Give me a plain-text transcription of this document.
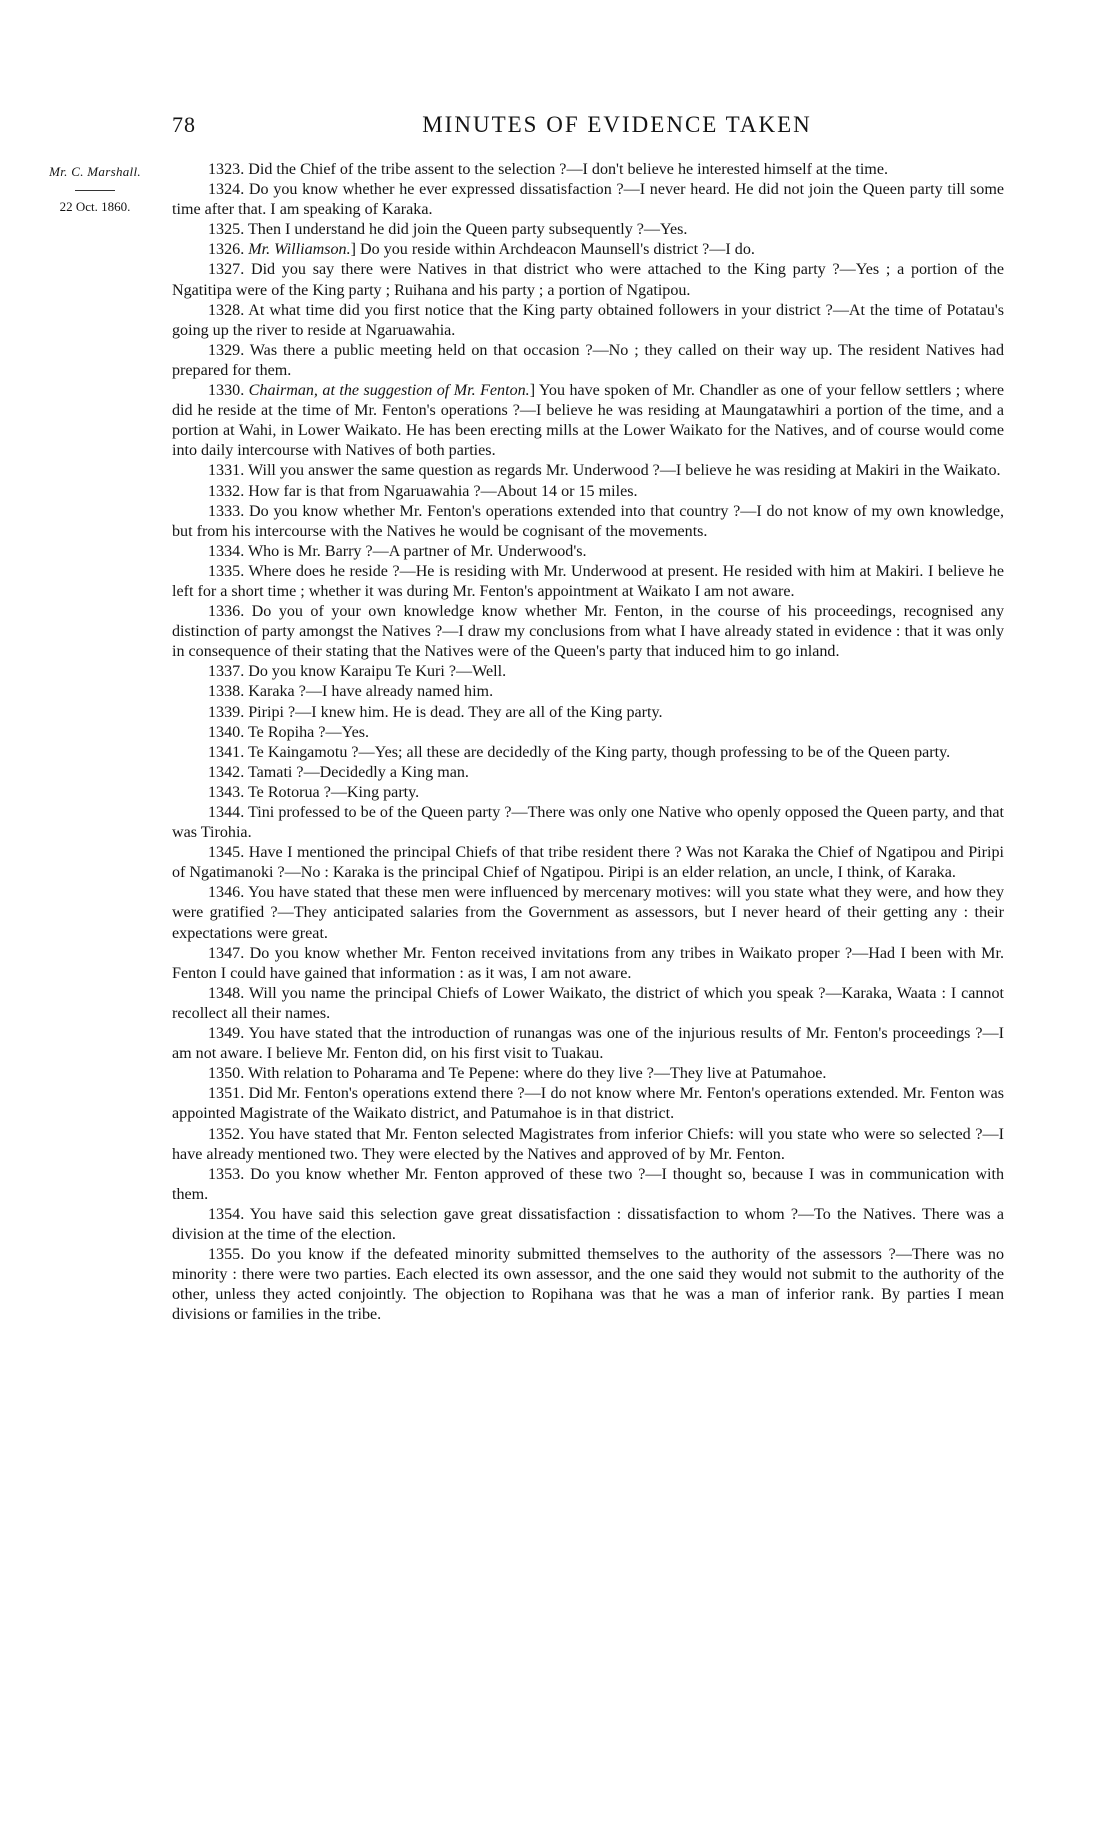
78	MINUTES OF EVIDENCE TAKEN
Mr. C. Marshall.
22 Oct. 1860.

1323. Did the Chief of the tribe assent to the selection ?—I don't believe he interested himself at the time.

1324. Do you know whether he ever expressed dissatisfaction ?—I never heard. He did not join the Queen party till some time after that. I am speaking of Karaka.

1325. Then I understand he did join the Queen party subsequently ?—Yes.

1326. Mr. Williamson.] Do you reside within Archdeacon Maunsell's district ?—I do.

1327. Did you say there were Natives in that district who were attached to the King party ?—Yes ; a portion of the Ngatitipa were of the King party ; Ruihana and his party ; a portion of Ngatipou.

1328. At what time did you first notice that the King party obtained followers in your district ?—At the time of Potatau's going up the river to reside at Ngaruawahia.

1329. Was there a public meeting held on that occasion ?—No ; they called on their way up. The resident Natives had prepared for them.

1330. Chairman, at the suggestion of Mr. Fenton.] You have spoken of Mr. Chandler as one of your fellow settlers ; where did he reside at the time of Mr. Fenton's operations ?—I believe he was residing at Maungatawhiri a portion of the time, and a portion at Wahi, in Lower Waikato. He has been erecting mills at the Lower Waikato for the Natives, and of course would come into daily intercourse with Natives of both parties.

1331. Will you answer the same question as regards Mr. Underwood ?—I believe he was residing at Makiri in the Waikato.

1332. How far is that from Ngaruawahia ?—About 14 or 15 miles.

1333. Do you know whether Mr. Fenton's operations extended into that country ?—I do not know of my own knowledge, but from his intercourse with the Natives he would be cognisant of the movements.

1334. Who is Mr. Barry ?—A partner of Mr. Underwood's.

1335. Where does he reside ?—He is residing with Mr. Underwood at present. He resided with him at Makiri. I believe he left for a short time ; whether it was during Mr. Fenton's appointment at Waikato I am not aware.

1336. Do you of your own knowledge know whether Mr. Fenton, in the course of his proceedings, recognised any distinction of party amongst the Natives ?—I draw my conclusions from what I have already stated in evidence : that it was only in consequence of their stating that the Natives were of the Queen's party that induced him to go inland.

1337. Do you know Karaipu Te Kuri ?—Well.

1338. Karaka ?—I have already named him.

1339. Piripi ?—I knew him. He is dead. They are all of the King party.

1340. Te Ropiha ?—Yes.

1341. Te Kaingamotu ?—Yes; all these are decidedly of the King party, though professing to be of the Queen party.

1342. Tamati ?—Decidedly a King man.

1343. Te Rotorua ?—King party.

1344. Tini professed to be of the Queen party ?—There was only one Native who openly opposed the Queen party, and that was Tirohia.

1345. Have I mentioned the principal Chiefs of that tribe resident there ? Was not Karaka the Chief of Ngatipou and Piripi of Ngatimanoki ?—No : Karaka is the principal Chief of Ngatipou. Piripi is an elder relation, an uncle, I think, of Karaka.

1346. You have stated that these men were influenced by mercenary motives: will you state what they were, and how they were gratified ?—They anticipated salaries from the Government as assessors, but I never heard of their getting any : their expectations were great.

1347. Do you know whether Mr. Fenton received invitations from any tribes in Waikato proper ?—Had I been with Mr. Fenton I could have gained that information : as it was, I am not aware.

1348. Will you name the principal Chiefs of Lower Waikato, the district of which you speak ?—Karaka, Waata : I cannot recollect all their names.

1349. You have stated that the introduction of runangas was one of the injurious results of Mr. Fenton's proceedings ?—I am not aware. I believe Mr. Fenton did, on his first visit to Tuakau.

1350. With relation to Poharama and Te Pepene: where do they live ?—They live at Patumahoe.

1351. Did Mr. Fenton's operations extend there ?—I do not know where Mr. Fenton's operations extended. Mr. Fenton was appointed Magistrate of the Waikato district, and Patumahoe is in that district.

1352. You have stated that Mr. Fenton selected Magistrates from inferior Chiefs: will you state who were so selected ?—I have already mentioned two. They were elected by the Natives and approved of by Mr. Fenton.

1353. Do you know whether Mr. Fenton approved of these two ?—I thought so, because I was in communication with them.

1354. You have said this selection gave great dissatisfaction : dissatisfaction to whom ?—To the Natives. There was a division at the time of the election.

1355. Do you know if the defeated minority submitted themselves to the authority of the assessors ?—There was no minority : there were two parties. Each elected its own assessor, and the one said they would not submit to the authority of the other, unless they acted conjointly. The objection to Ropihana was that he was a man of inferior rank. By parties I mean divisions or families in the tribe.
